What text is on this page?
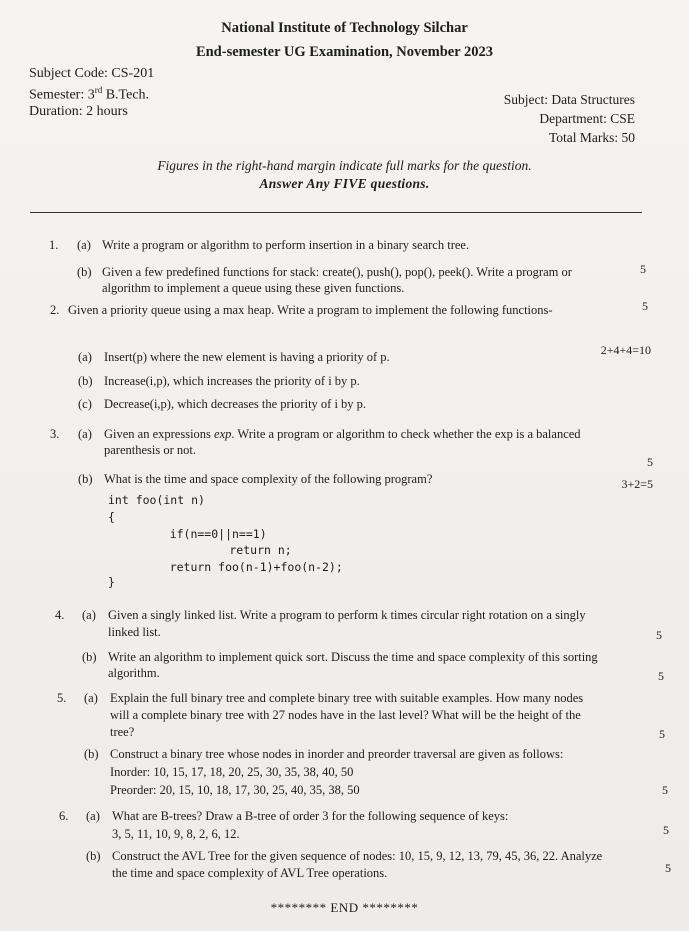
National Institute of Technology Silchar
End-semester UG Examination, November 2023
Subject Code: CS-201
Semester: 3rd B.Tech.
Duration: 2 hours
Subject: Data Structures
Department: CSE
Total Marks: 50
Figures in the right-hand margin indicate full marks for the question.
Answer Any FIVE questions.
1. (a) Write a program or algorithm to perform insertion in a binary search tree.
5
(b) Given a few predefined functions for stack: create(), push(), pop(), peek(). Write a program or
algorithm to implement a queue using these given functions.
5
2. Given a priority queue using a max heap. Write a program to implement the following functions-
2+4+4=10
(a) Insert(p) where the new element is having a priority of p.
(b) Increase(i,p), which increases the priority of i by p.
(c) Decrease(i,p), which decreases the priority of i by p.
3. (a) Given an expressions exp. Write a program or algorithm to check whether the exp is a balanced
parenthesis or not.
5
(b) What is the time and space complexity of the following program?	3+2=5
int foo(int n)
{
if(n==0||n==1)
return n;
return foo(n-1)+foo(n-2);
}
4. (a) Given a singly linked list. Write a program to perform k times circular right rotation on a singly
linked list.	5
(b) Write an algorithm to implement quick sort. Discuss the time and space complexity of this sorting
algorithm.	5
5. (a) Explain the full binary tree and complete binary tree with suitable examples. How many nodes
will a complete binary tree with 27 nodes have in the last level? What will be the height of the
tree?	5
(b) Construct a binary tree whose nodes in inorder and preorder traversal are given as follows:
Inorder: 10, 15, 17, 18, 20, 25, 30, 35, 38, 40, 50
Preorder: 20, 15, 10, 18, 17, 30, 25, 40, 35, 38, 50	5
6. (a) What are B-trees? Draw a B-tree of order 3 for the following sequence of keys:
3, 5, 11, 10, 9, 8, 2, 6, 12.	5
(b) Construct the AVL Tree for the given sequence of nodes: 10, 15, 9, 12, 13, 79, 45, 36, 22. Analyze
the time and space complexity of AVL Tree operations.	5
******** END ********
